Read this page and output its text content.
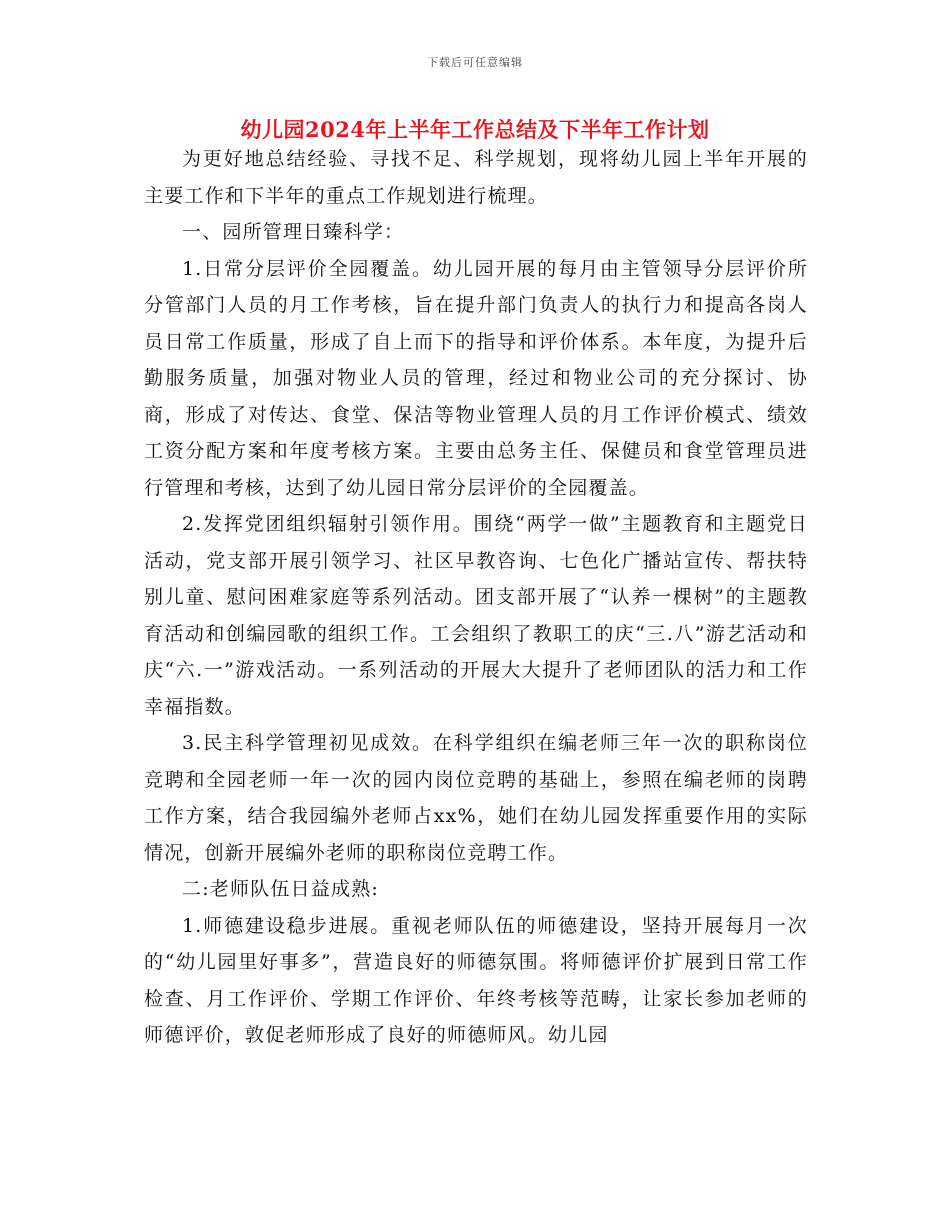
下载后可任意编辑
幼儿园2024年上半年工作总结及下半年工作计划

为更好地总结经验、寻找不足、科学规划，现将幼儿园上半年开展的主要工作和下半年的重点工作规划进行梳理。

一、园所管理日臻科学：

1.日常分层评价全园覆盖。幼儿园开展的每月由主管领导分层评价所分管部门人员的月工作考核，旨在提升部门负责人的执行力和提高各岗人员日常工作质量，形成了自上而下的指导和评价体系。本年度，为提升后勤服务质量，加强对物业人员的管理，经过和物业公司的充分探讨、协商，形成了对传达、食堂、保洁等物业管理人员的月工作评价模式、绩效工资分配方案和年度考核方案。主要由总务主任、保健员和食堂管理员进行管理和考核，达到了幼儿园日常分层评价的全园覆盖。

2.发挥党团组织辐射引领作用。围绕“两学一做”主题教育和主题党日活动，党支部开展引领学习、社区早教咨询、七色化广播站宣传、帮扶特别儿童、慰问困难家庭等系列活动。团支部开展了“认养一棵树”的主题教育活动和创编园歌的组织工作。工会组织了教职工的庆“三.八”游艺活动和庆“六.一”游戏活动。一系列活动的开展大大提升了老师团队的活力和工作幸福指数。

3.民主科学管理初见成效。在科学组织在编老师三年一次的职称岗位竞聘和全园老师一年一次的园内岗位竞聘的基础上，参照在编老师的岗聘工作方案，结合我园编外老师占xx%，她们在幼儿园发挥重要作用的实际情况，创新开展编外老师的职称岗位竞聘工作。

二:老师队伍日益成熟:

1.师德建设稳步进展。重视老师队伍的师德建设，坚持开展每月一次的“幼儿园里好事多”，营造良好的师德氛围。将师德评价扩展到日常工作检查、月工作评价、学期工作评价、年终考核等范畴，让家长参加老师的师德评价，敦促老师形成了良好的师德师风。幼儿园
